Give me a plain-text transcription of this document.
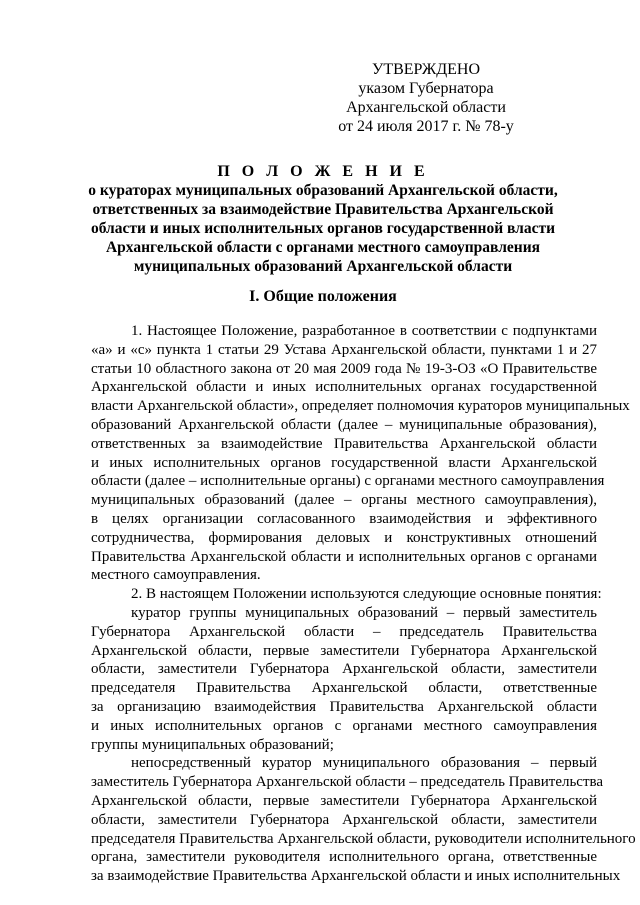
УТВЕРЖДЕНО
указом Губернатора
Архангельской области
от 24 июля 2017 г. № 78-у
П О Л О Ж Е Н И Е
о кураторах муниципальных образований Архангельской области,
ответственных за взаимодействие Правительства Архангельской
области и иных исполнительных органов государственной власти
Архангельской области с органами местного самоуправления
муниципальных образований Архангельской области
I. Общие положения
1. Настоящее Положение, разработанное в соответствии с подпунктами
«а» и «с» пункта 1 статьи 29 Устава Архангельской области, пунктами 1 и 27
статьи 10 областного закона от 20 мая 2009 года № 19-3-ОЗ «О Правительстве
Архангельской области и иных исполнительных органах государственной
власти Архангельской области», определяет полномочия кураторов муниципальных
образований Архангельской области (далее – муниципальные образования),
ответственных за взаимодействие Правительства Архангельской области
и иных исполнительных органов государственной власти Архангельской
области (далее – исполнительные органы) с органами местного самоуправления
муниципальных образований (далее – органы местного самоуправления),
в целях организации согласованного взаимодействия и эффективного
сотрудничества, формирования деловых и конструктивных отношений
Правительства Архангельской области и исполнительных органов с органами
местного самоуправления.
2. В настоящем Положении используются следующие основные понятия:
куратор группы муниципальных образований – первый заместитель
Губернатора Архангельской области – председатель Правительства
Архангельской области, первые заместители Губернатора Архангельской
области, заместители Губернатора Архангельской области, заместители
председателя Правительства Архангельской области, ответственные
за организацию взаимодействия Правительства Архангельской области
и иных исполнительных органов с органами местного самоуправления
группы муниципальных образований;
непосредственный куратор муниципального образования – первый
заместитель Губернатора Архангельской области – председатель Правительства
Архангельской области, первые заместители Губернатора Архангельской
области, заместители Губернатора Архангельской области, заместители
председателя Правительства Архангельской области, руководители исполнительного
органа, заместители руководителя исполнительного органа, ответственные
за взаимодействие Правительства Архангельской области и иных исполнительных
